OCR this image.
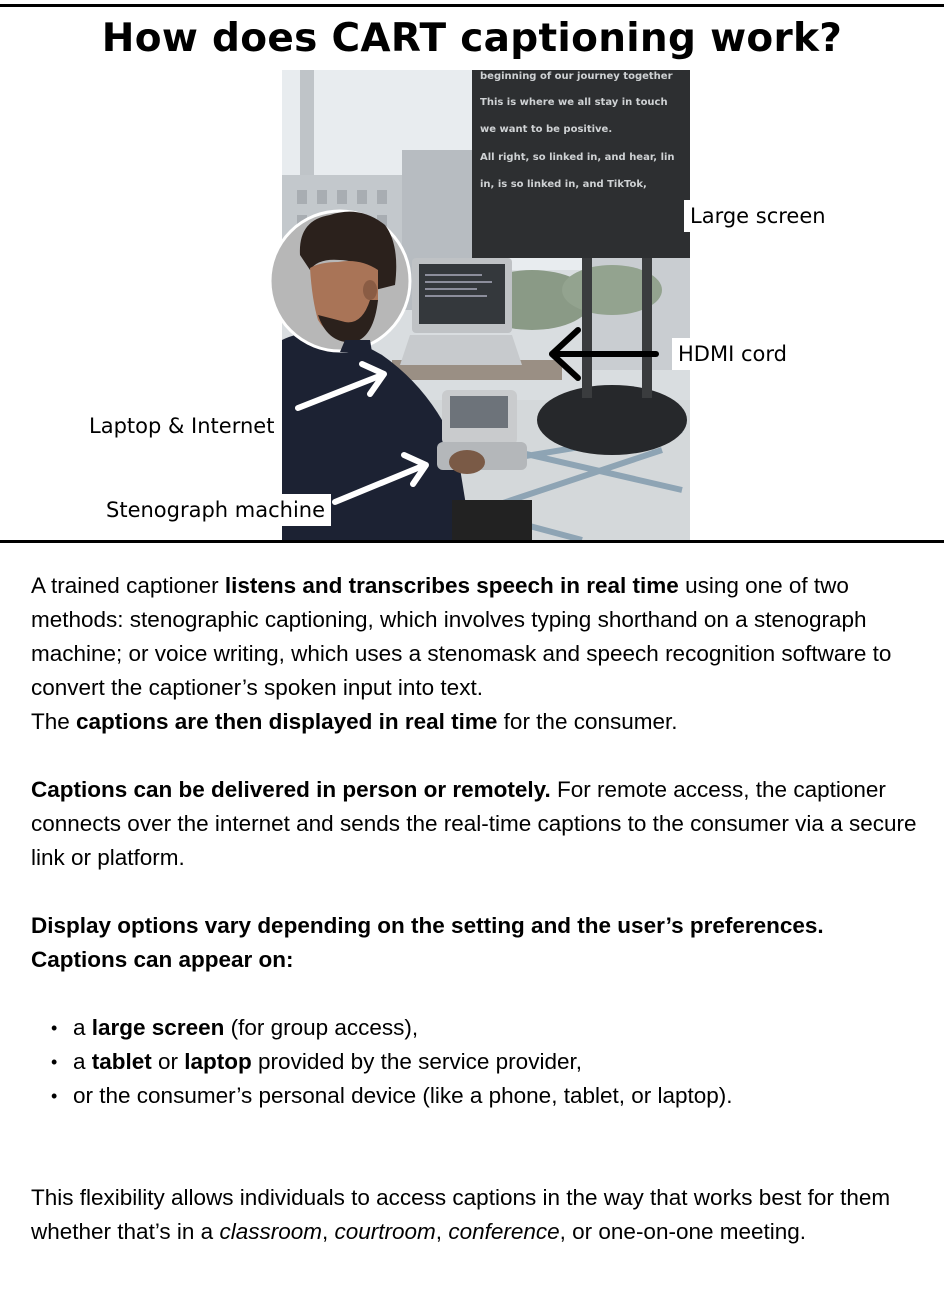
How does CART captioning work?
beginning of our journey together
This is where we all stay in touch
we want to be positive.
All right, so linked in, and hear, lin
in, is so linked in, and TikTok,
Large screen
HDMI cord
Laptop & Internet
Stenograph machine

A trained captioner listens and transcribes speech in real time using one of two methods: stenographic captioning, which involves typing shorthand on a stenograph machine; or voice writing, which uses a stenomask and speech recognition software to convert the captioner’s spoken input into text.
The captions are then displayed in real time for the consumer.

Captions can be delivered in person or remotely. For remote access, the captioner connects over the internet and sends the real-time captions to the consumer via a secure link or platform.

Display options vary depending on the setting and the user’s preferences.
Captions can appear on:

• a large screen (for group access),
• a tablet or laptop provided by the service provider,
• or the consumer’s personal device (like a phone, tablet, or laptop).

This flexibility allows individuals to access captions in the way that works best for them whether that’s in a classroom, courtroom, conference, or one-on-one meeting.
